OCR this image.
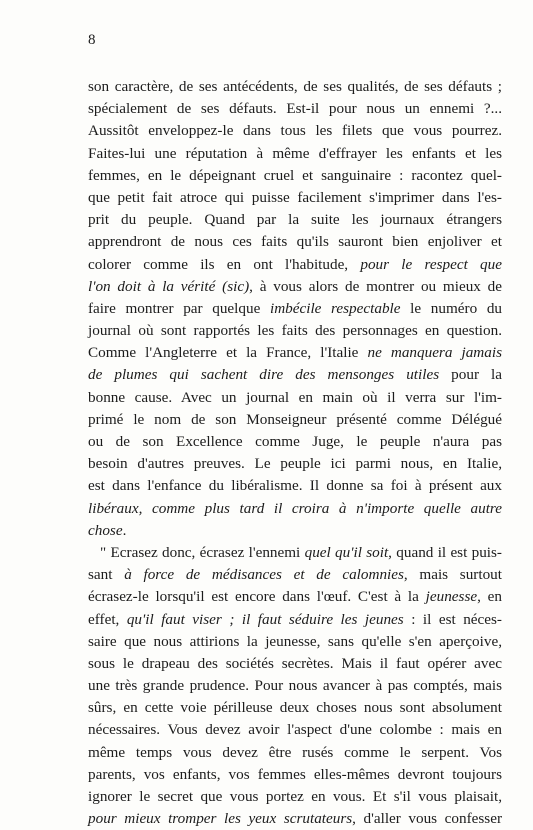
8
son caractère, de ses antécédents, de ses qualités, de ses défauts ;
spécialement de ses défauts. Est-il pour nous un ennemi ?...
Aussitôt enveloppez-le dans tous les filets que vous pourrez.
Faites-lui une réputation à même d'effrayer les enfants et les
femmes, en le dépeignant cruel et sanguinaire : racontez quel-
que petit fait atroce qui puisse facilement s'imprimer dans l'es-
prit du peuple. Quand par la suite les journaux étrangers
apprendront de nous ces faits qu'ils sauront bien enjoliver et
colorer comme ils en ont l'habitude, pour le respect que
l'on doit à la vérité (sic), à vous alors de montrer ou mieux de
faire montrer par quelque imbécile respectable le numéro du
journal où sont rapportés les faits des personnages en question.
Comme l'Angleterre et la France, l'Italie ne manquera jamais
de plumes qui sachent dire des mensonges utiles pour la
bonne cause. Avec un journal en main où il verra sur l'im-
primé le nom de son Monseigneur présenté comme Délégué
ou de son Excellence comme Juge, le peuple n'aura pas
besoin d'autres preuves. Le peuple ici parmi nous, en Italie,
est dans l'enfance du libéralisme. Il donne sa foi à présent aux
libéraux, comme plus tard il croira à n'importe quelle autre
chose.
" Ecrasez donc, écrasez l'ennemi quel qu'il soit, quand il est puis-
sant à force de médisances et de calomnies, mais surtout
écrasez-le lorsqu'il est encore dans l'œuf. C'est à la jeunesse, en
effet, qu'il faut viser ; il faut séduire les jeunes : il est néces-
saire que nous attirions la jeunesse, sans qu'elle s'en aperçoive,
sous le drapeau des sociétés secrètes. Mais il faut opérer avec
une très grande prudence. Pour nous avancer à pas comptés, mais
sûrs, en cette voie périlleuse deux choses nous sont absolument
nécessaires. Vous devez avoir l'aspect d'une colombe : mais en
même temps vous devez être rusés comme le serpent. Vos
parents, vos enfants, vos femmes elles-mêmes devront toujours
ignorer le secret que vous portez en vous. Et s'il vous plaisait,
pour mieux tromper les yeux scrutateurs, d'aller vous confesser
